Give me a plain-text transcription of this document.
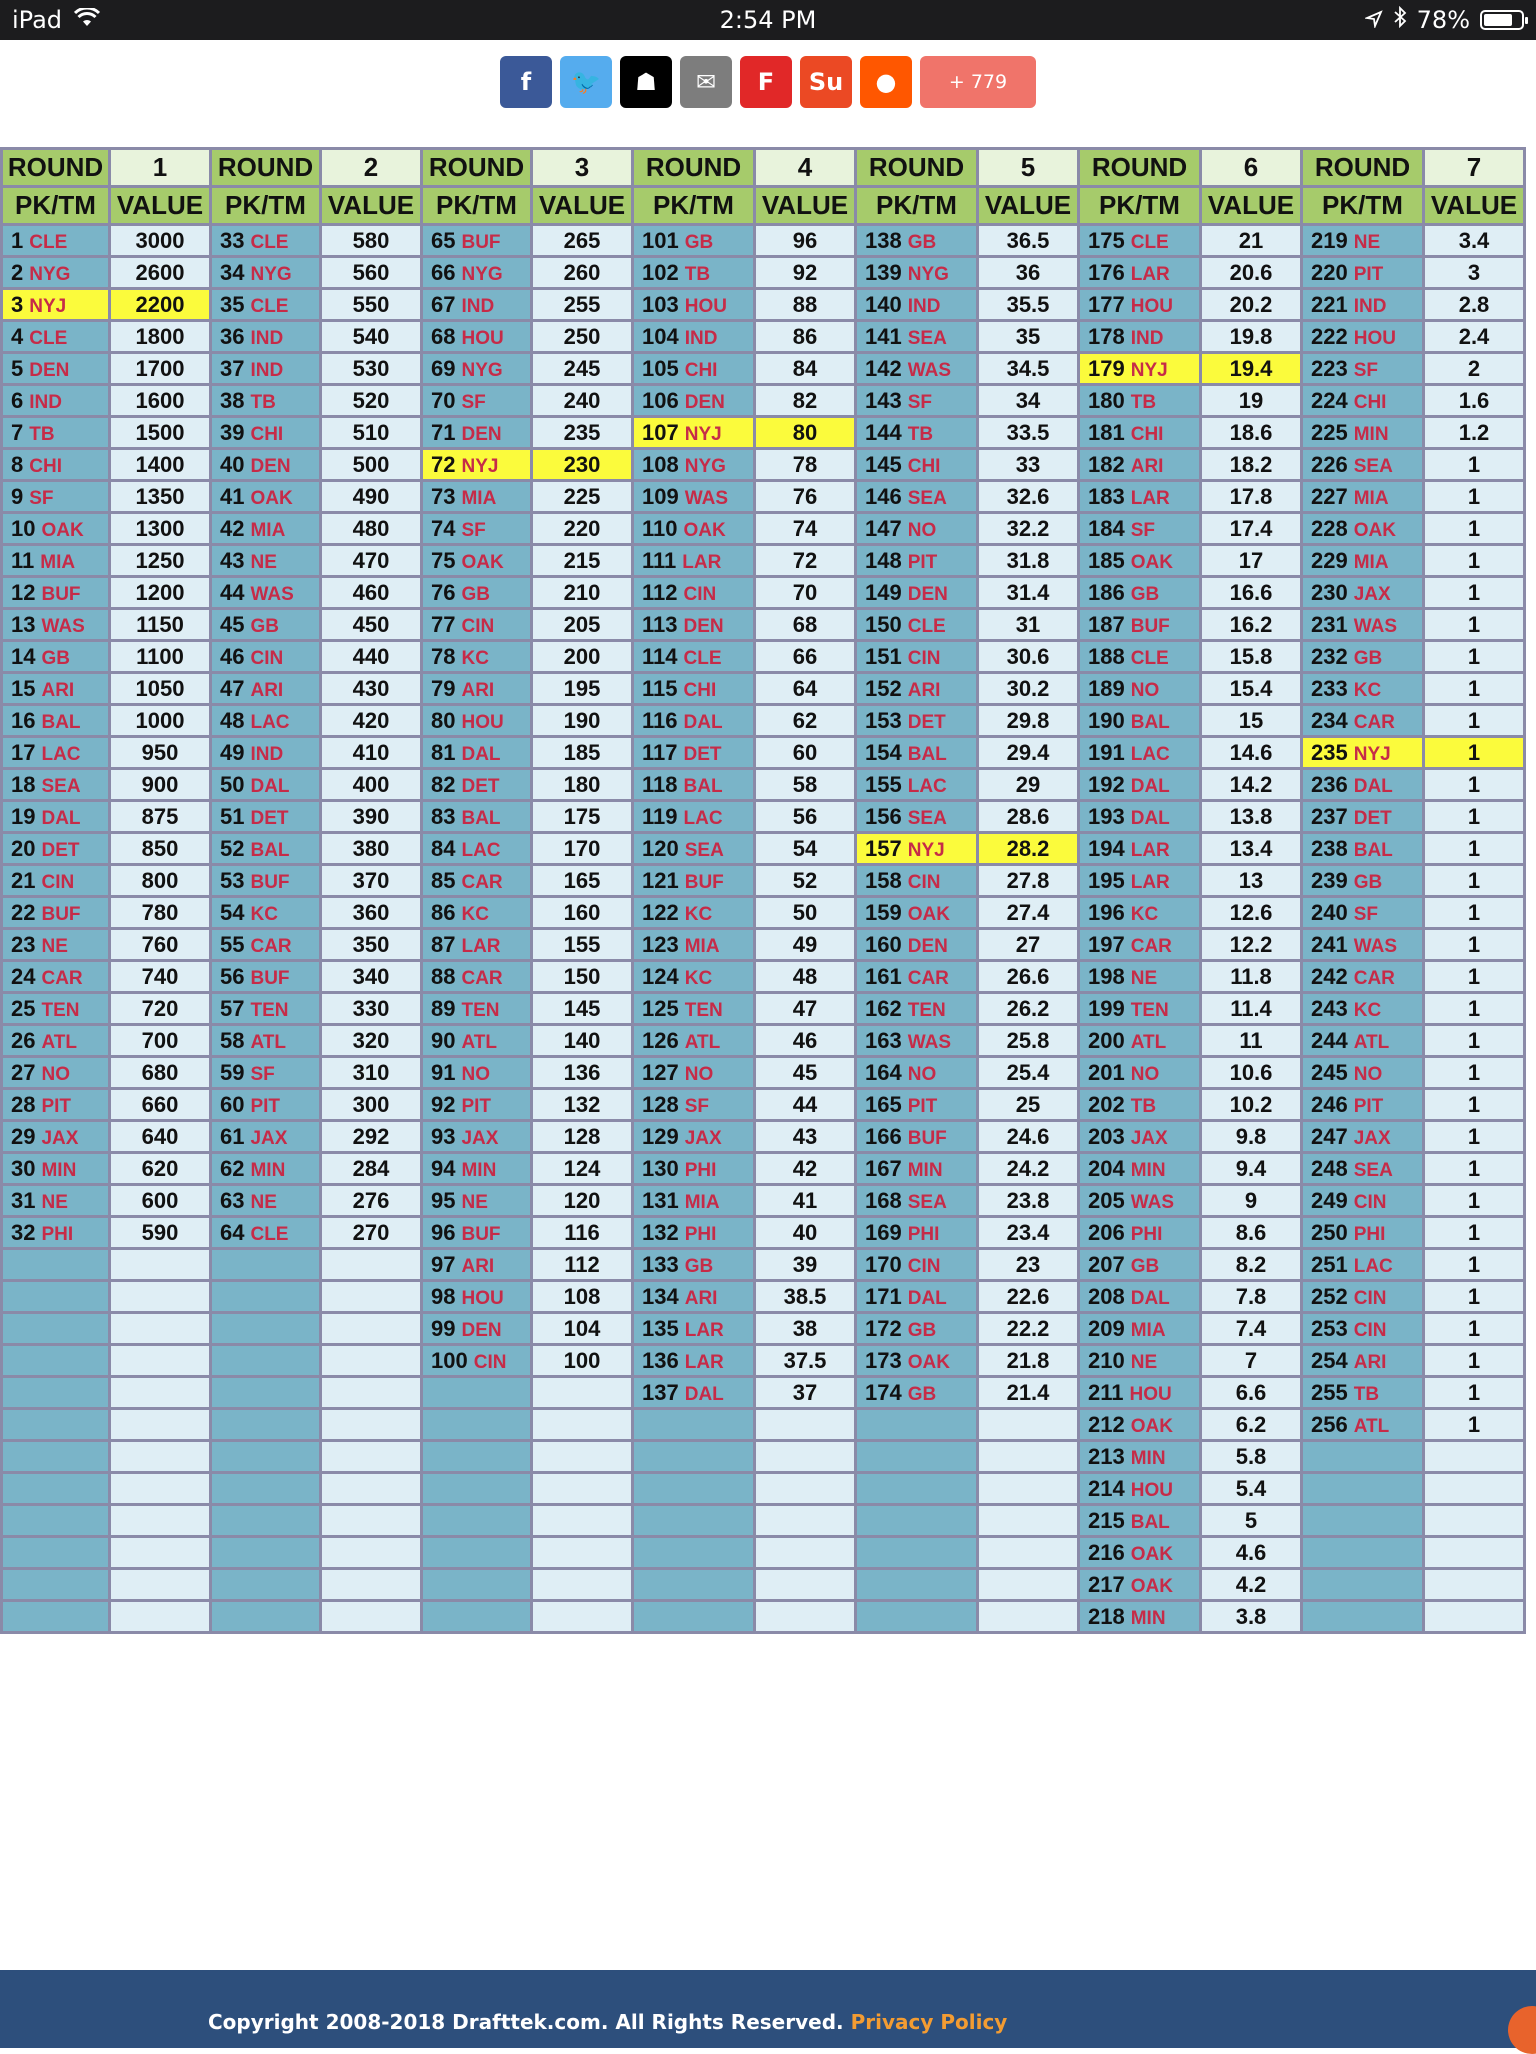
iPad	2:54 PM	78%
f 🐦 ☗ ✉ F Su ●	+ 779
ROUND	1	ROUND	2	ROUND	3	ROUND	4	ROUND	5	ROUND	6	ROUND	7
PK/TM	VALUE	PK/TM	VALUE	PK/TM	VALUE	PK/TM	VALUE	PK/TM	VALUE	PK/TM	VALUE	PK/TM	VALUE
1 CLE	3000	33 CLE	580	65 BUF	265	101 GB	96	138 GB	36.5	175 CLE	21	219 NE	3.4
2 NYG	2600	34 NYG	560	66 NYG	260	102 TB	92	139 NYG	36	176 LAR	20.6	220 PIT	3
3 NYJ	2200	35 CLE	550	67 IND	255	103 HOU	88	140 IND	35.5	177 HOU	20.2	221 IND	2.8
4 CLE	1800	36 IND	540	68 HOU	250	104 IND	86	141 SEA	35	178 IND	19.8	222 HOU	2.4
5 DEN	1700	37 IND	530	69 NYG	245	105 CHI	84	142 WAS	34.5	179 NYJ	19.4	223 SF	2
6 IND	1600	38 TB	520	70 SF	240	106 DEN	82	143 SF	34	180 TB	19	224 CHI	1.6
7 TB	1500	39 CHI	510	71 DEN	235	107 NYJ	80	144 TB	33.5	181 CHI	18.6	225 MIN	1.2
8 CHI	1400	40 DEN	500	72 NYJ	230	108 NYG	78	145 CHI	33	182 ARI	18.2	226 SEA	1
9 SF	1350	41 OAK	490	73 MIA	225	109 WAS	76	146 SEA	32.6	183 LAR	17.8	227 MIA	1
10 OAK	1300	42 MIA	480	74 SF	220	110 OAK	74	147 NO	32.2	184 SF	17.4	228 OAK	1
11 MIA	1250	43 NE	470	75 OAK	215	111 LAR	72	148 PIT	31.8	185 OAK	17	229 MIA	1
12 BUF	1200	44 WAS	460	76 GB	210	112 CIN	70	149 DEN	31.4	186 GB	16.6	230 JAX	1
13 WAS	1150	45 GB	450	77 CIN	205	113 DEN	68	150 CLE	31	187 BUF	16.2	231 WAS	1
14 GB	1100	46 CIN	440	78 KC	200	114 CLE	66	151 CIN	30.6	188 CLE	15.8	232 GB	1
15 ARI	1050	47 ARI	430	79 ARI	195	115 CHI	64	152 ARI	30.2	189 NO	15.4	233 KC	1
16 BAL	1000	48 LAC	420	80 HOU	190	116 DAL	62	153 DET	29.8	190 BAL	15	234 CAR	1
17 LAC	950	49 IND	410	81 DAL	185	117 DET	60	154 BAL	29.4	191 LAC	14.6	235 NYJ	1
18 SEA	900	50 DAL	400	82 DET	180	118 BAL	58	155 LAC	29	192 DAL	14.2	236 DAL	1
19 DAL	875	51 DET	390	83 BAL	175	119 LAC	56	156 SEA	28.6	193 DAL	13.8	237 DET	1
20 DET	850	52 BAL	380	84 LAC	170	120 SEA	54	157 NYJ	28.2	194 LAR	13.4	238 BAL	1
21 CIN	800	53 BUF	370	85 CAR	165	121 BUF	52	158 CIN	27.8	195 LAR	13	239 GB	1
22 BUF	780	54 KC	360	86 KC	160	122 KC	50	159 OAK	27.4	196 KC	12.6	240 SF	1
23 NE	760	55 CAR	350	87 LAR	155	123 MIA	49	160 DEN	27	197 CAR	12.2	241 WAS	1
24 CAR	740	56 BUF	340	88 CAR	150	124 KC	48	161 CAR	26.6	198 NE	11.8	242 CAR	1
25 TEN	720	57 TEN	330	89 TEN	145	125 TEN	47	162 TEN	26.2	199 TEN	11.4	243 KC	1
26 ATL	700	58 ATL	320	90 ATL	140	126 ATL	46	163 WAS	25.8	200 ATL	11	244 ATL	1
27 NO	680	59 SF	310	91 NO	136	127 NO	45	164 NO	25.4	201 NO	10.6	245 NO	1
28 PIT	660	60 PIT	300	92 PIT	132	128 SF	44	165 PIT	25	202 TB	10.2	246 PIT	1
29 JAX	640	61 JAX	292	93 JAX	128	129 JAX	43	166 BUF	24.6	203 JAX	9.8	247 JAX	1
30 MIN	620	62 MIN	284	94 MIN	124	130 PHI	42	167 MIN	24.2	204 MIN	9.4	248 SEA	1
31 NE	600	63 NE	276	95 NE	120	131 MIA	41	168 SEA	23.8	205 WAS	9	249 CIN	1
32 PHI	590	64 CLE	270	96 BUF	116	132 PHI	40	169 PHI	23.4	206 PHI	8.6	250 PHI	1
				97 ARI	112	133 GB	39	170 CIN	23	207 GB	8.2	251 LAC	1
				98 HOU	108	134 ARI	38.5	171 DAL	22.6	208 DAL	7.8	252 CIN	1
				99 DEN	104	135 LAR	38	172 GB	22.2	209 MIA	7.4	253 CIN	1
				100 CIN	100	136 LAR	37.5	173 OAK	21.8	210 NE	7	254 ARI	1
						137 DAL	37	174 GB	21.4	211 HOU	6.6	255 TB	1
										212 OAK	6.2	256 ATL	1
										213 MIN	5.8		
										214 HOU	5.4		
										215 BAL	5		
										216 OAK	4.6		
										217 OAK	4.2		
										218 MIN	3.8		
Copyright 2008-2018 Drafttek.com. All Rights Reserved. Privacy Policy
